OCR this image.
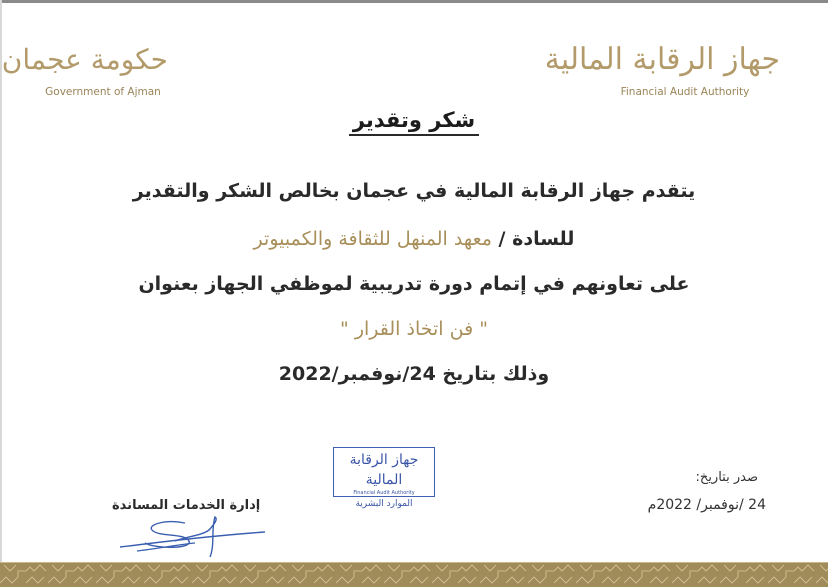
حكومة عجمان
Government of Ajman
جهاز الرقابة المالية
Financial Audit Authority
شكر وتقدير
يتقدم جهاز الرقابة المالية في عجمان بخالص الشكر والتقدير
للسادة / معهد المنهل للثقافة والكمبيوتر
على تعاونهم في إتمام دورة تدريبية لموظفي الجهاز بعنوان
" فن اتخاذ القرار "
وذلك بتاريخ 24/نوفمبر/2022
جهاز الرقابة المالية
Financial Audit Authority
الموارد البشرية
صدر بتاريخ:
24 /نوفمبر/ 2022م
إدارة الخدمات المساندة
